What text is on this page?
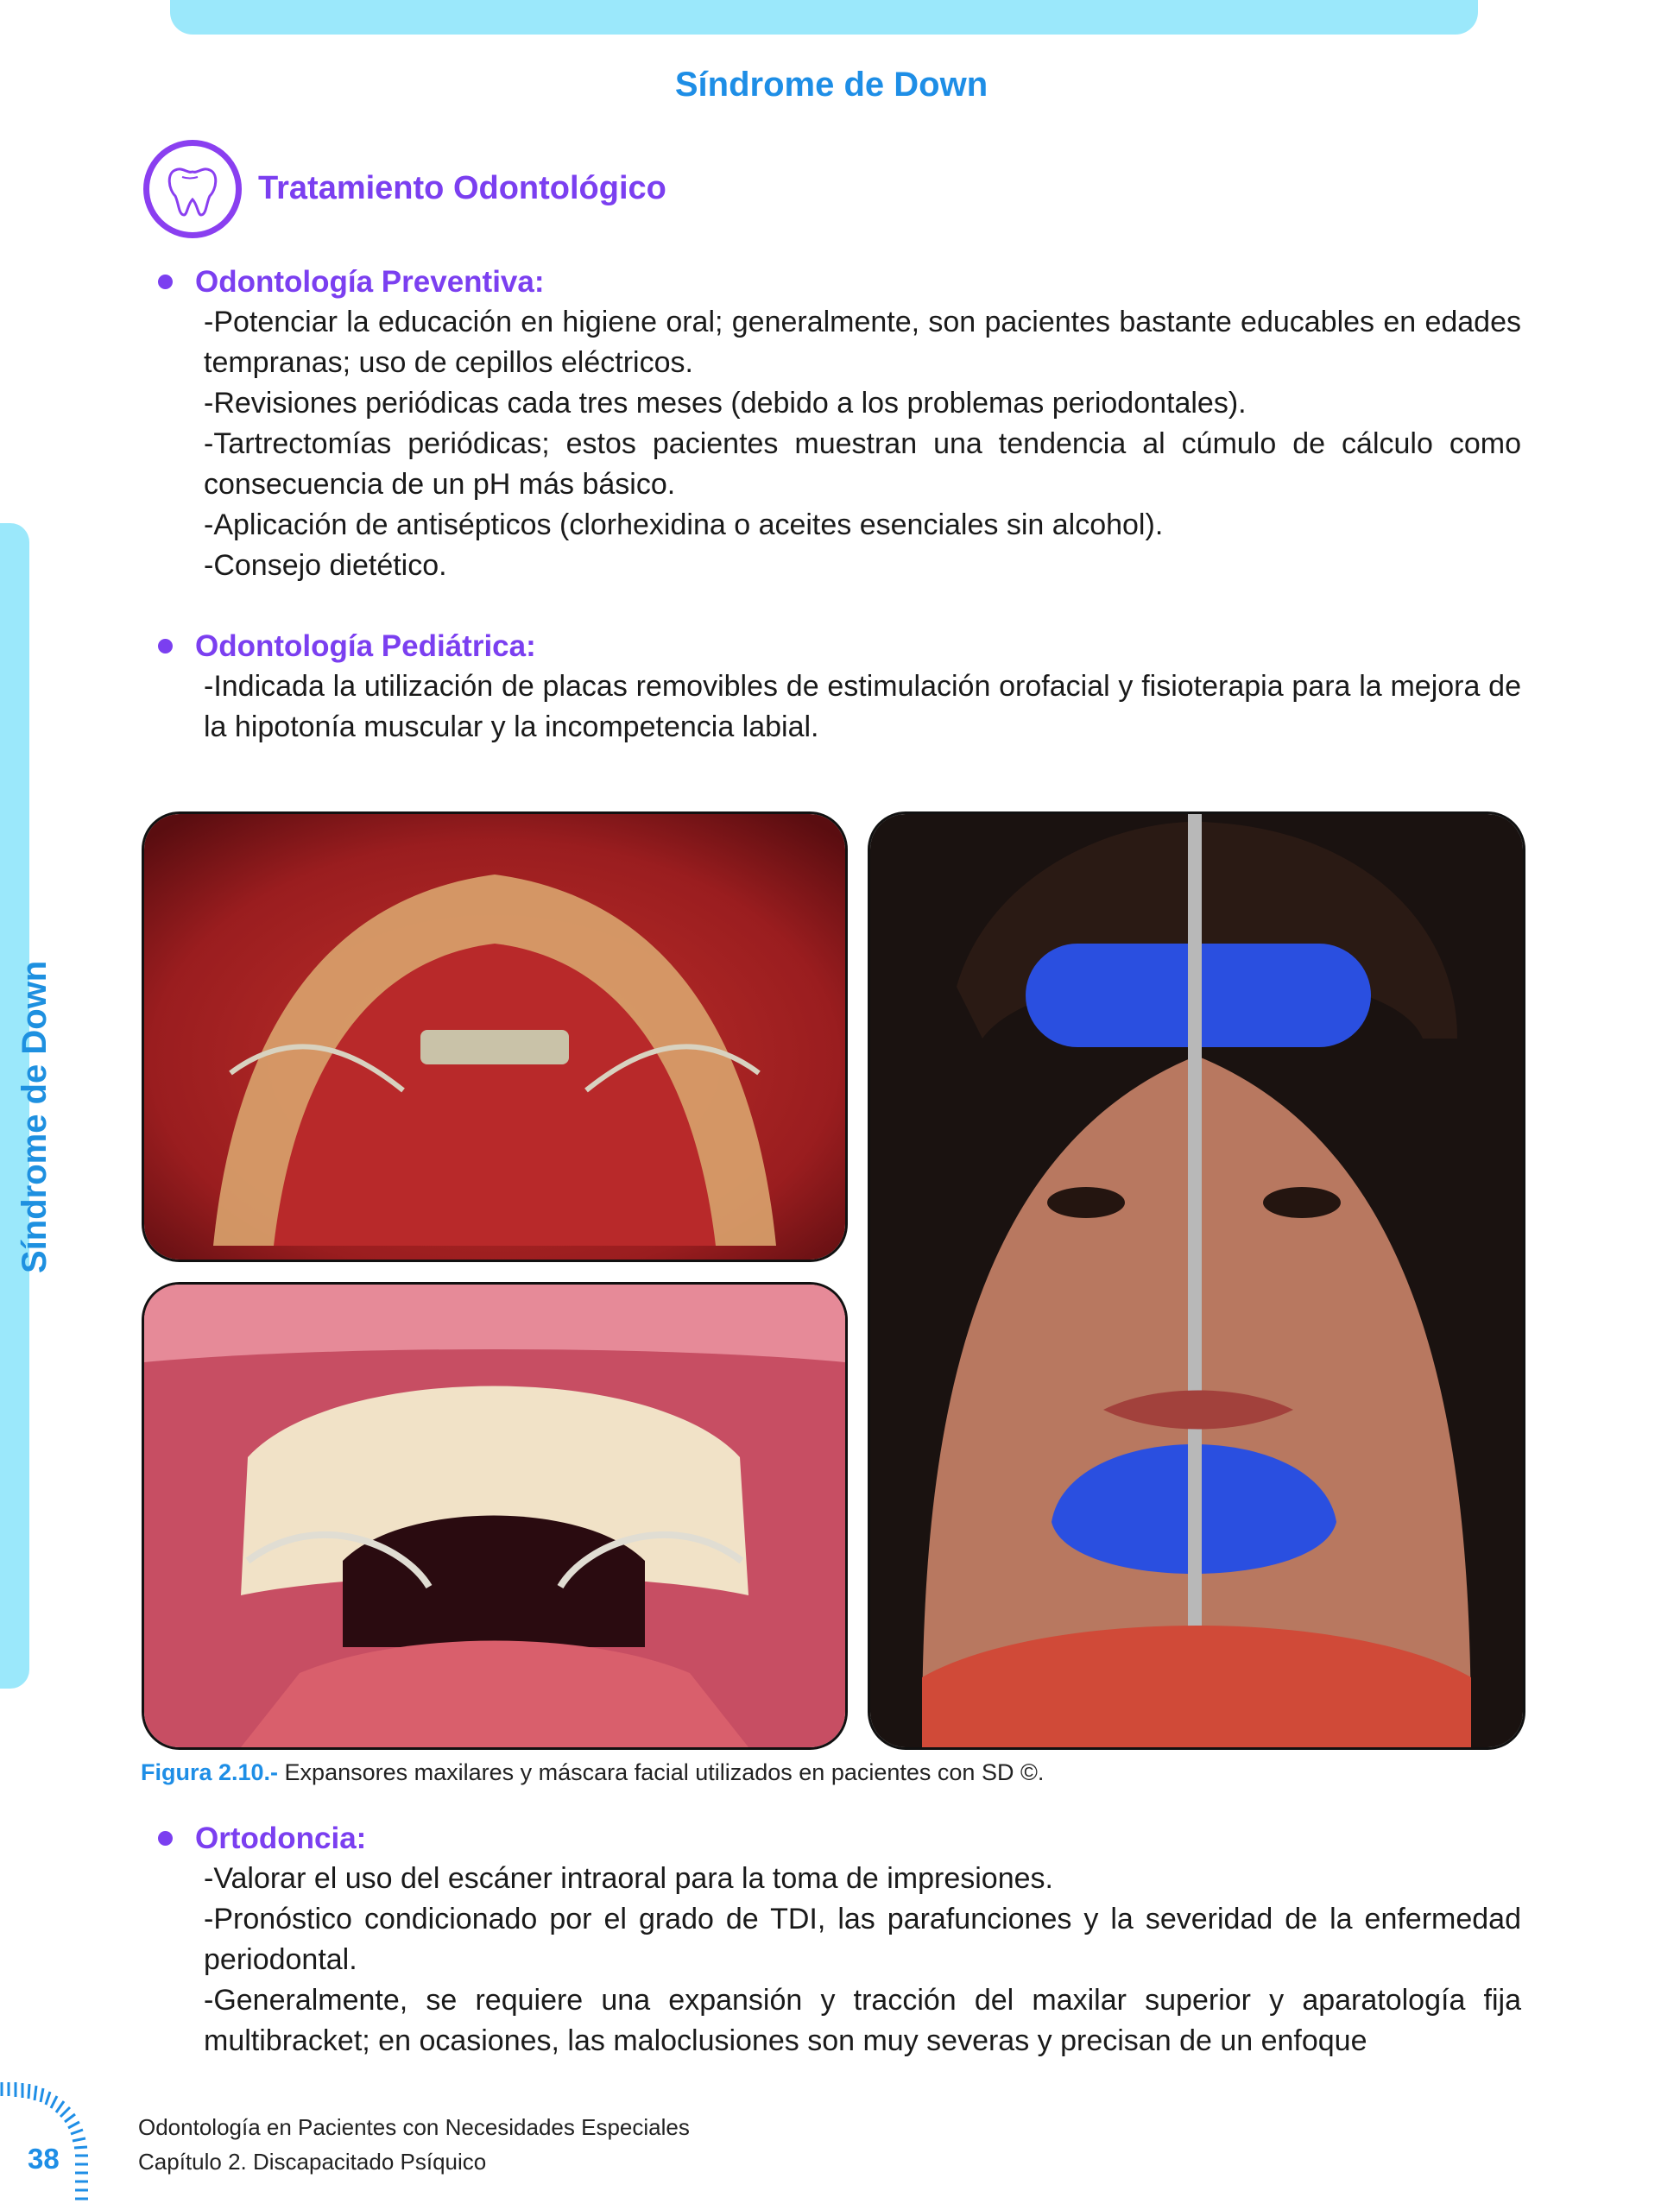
Síndrome de Down
Síndrome de Down
Tratamiento Odontológico
Odontología Preventiva:
-Potenciar la educación en higiene oral; generalmente, son pacientes bastante educables en edades tempranas; uso de cepillos eléctricos.
-Revisiones periódicas cada tres meses (debido a los problemas periodontales).
-Tartrectomías periódicas; estos pacientes muestran una tendencia al cúmulo de cálculo como consecuencia de un pH más básico.
-Aplicación de antisépticos (clorhexidina o aceites esenciales sin alcohol).
-Consejo dietético.
Odontología Pediátrica:
-Indicada la utilización de placas removibles de estimulación orofacial y fisioterapia para la mejora de la hipotonía muscular y la incompetencia labial.
Figura 2.10.- Expansores maxilares y máscara facial utilizados en pacientes con SD ©.
Ortodoncia:
-Valorar el uso del escáner intraoral para la toma de impresiones.
-Pronóstico condicionado por el grado de TDI, las parafunciones y la severidad de la enfermedad periodontal.
-Generalmente, se requiere una expansión y tracción del maxilar superior y aparatología fija multibracket; en ocasiones, las maloclusiones son muy severas y precisan de un enfoque
38
Odontología en Pacientes con Necesidades Especiales
Capítulo 2. Discapacitado Psíquico
